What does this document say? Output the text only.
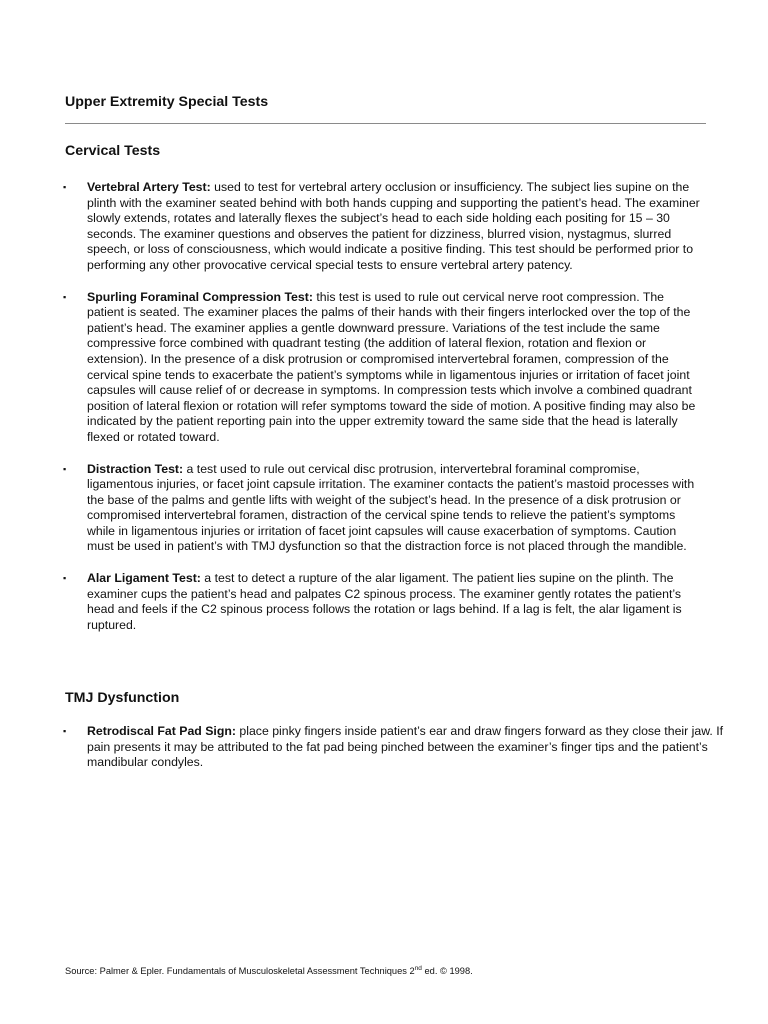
Upper Extremity Special Tests
Cervical Tests
▪ Vertebral Artery Test: used to test for vertebral artery occlusion or insufficiency. The subject lies supine on the plinth with the examiner seated behind with both hands cupping and supporting the patient’s head. The examiner slowly extends, rotates and laterally flexes the subject’s head to each side holding each positing for 15 – 30 seconds. The examiner questions and observes the patient for dizziness, blurred vision, nystagmus, slurred speech, or loss of consciousness, which would indicate a positive finding. This test should be performed prior to performing any other provocative cervical special tests to ensure vertebral artery patency.
▪ Spurling Foraminal Compression Test: this test is used to rule out cervical nerve root compression. The patient is seated. The examiner places the palms of their hands with their fingers interlocked over the top of the patient’s head. The examiner applies a gentle downward pressure. Variations of the test include the same compressive force combined with quadrant testing (the addition of lateral flexion, rotation and flexion or extension). In the presence of a disk protrusion or compromised intervertebral foramen, compression of the cervical spine tends to exacerbate the patient’s symptoms while in ligamentous injuries or irritation of facet joint capsules will cause relief of or decrease in symptoms. In compression tests which involve a combined quadrant position of lateral flexion or rotation will refer symptoms toward the side of motion. A positive finding may also be indicated by the patient reporting pain into the upper extremity toward the same side that the head is laterally flexed or rotated toward.
▪ Distraction Test: a test used to rule out cervical disc protrusion, intervertebral foraminal compromise, ligamentous injuries, or facet joint capsule irritation. The examiner contacts the patient’s mastoid processes with the base of the palms and gentle lifts with weight of the subject’s head. In the presence of a disk protrusion or compromised intervertebral foramen, distraction of the cervical spine tends to relieve the patient’s symptoms while in ligamentous injuries or irritation of facet joint capsules will cause exacerbation of symptoms. Caution must be used in patient’s with TMJ dysfunction so that the distraction force is not placed through the mandible.
▪ Alar Ligament Test: a test to detect a rupture of the alar ligament. The patient lies supine on the plinth. The examiner cups the patient’s head and palpates C2 spinous process. The examiner gently rotates the patient’s head and feels if the C2 spinous process follows the rotation or lags behind. If a lag is felt, the alar ligament is ruptured.
TMJ Dysfunction
▪ Retrodiscal Fat Pad Sign: place pinky fingers inside patient’s ear and draw fingers forward as they close their jaw. If pain presents it may be attributed to the fat pad being pinched between the examiner’s finger tips and the patient’s mandibular condyles.

Source: Palmer & Epler. Fundamentals of Musculoskeletal Assessment Techniques 2nd ed. © 1998.
